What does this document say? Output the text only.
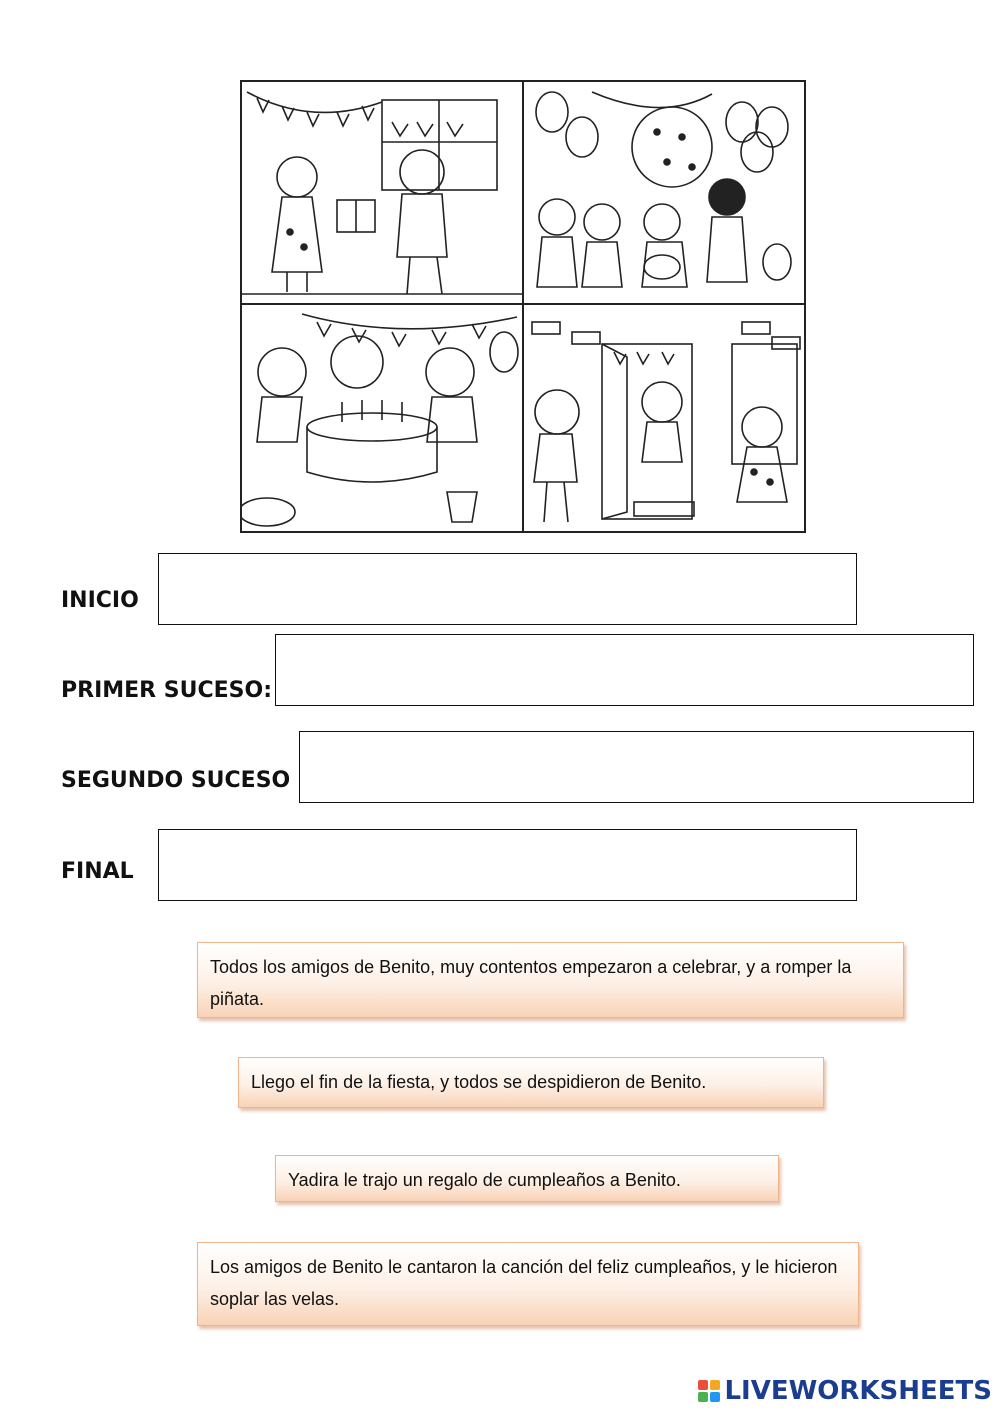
INICIO
PRIMER SUCESO:
SEGUNDO SUCESO
FINAL
Todos los amigos de Benito, muy contentos empezaron a celebrar, y a romper la piñata.
Llego el fin de la fiesta, y todos se despidieron de Benito.
Yadira le trajo un regalo de cumpleaños a Benito.
Los amigos de Benito le cantaron la canción del feliz cumpleaños, y le hicieron soplar las velas.
LIVEWORKSHEETS
